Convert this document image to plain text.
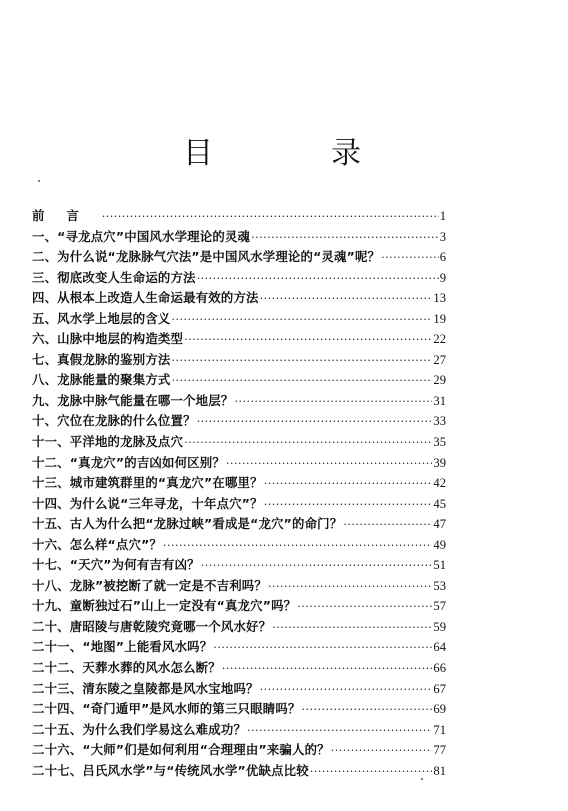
目　录
前言 ·····	1
一、“寻龙点穴”中国风水学理论的灵魂 ·····	3
二、为什么说“龙脉脉气穴法”是中国风水学理论的“灵魂”呢？ ·····	6
三、彻底改变人生命运的方法 ·····	9
四、从根本上改造人生命运最有效的方法 ·····	13
五、风水学上地层的含义 ·····	19
六、山脉中地层的构造类型 ·····	22
七、真假龙脉的鉴别方法 ·····	27
八、龙脉能量的聚集方式 ·····	29
九、龙脉中脉气能量在哪一个地层？ ·····	31
十、穴位在龙脉的什么位置？ ·····	33
十一、平洋地的龙脉及点穴 ·····	35
十二、“真龙穴”的吉凶如何区别？ ·····	39
十三、城市建筑群里的“真龙穴”在哪里？ ·····	42
十四、为什么说“三年寻龙，十年点穴”？ ·····	45
十五、古人为什么把“龙脉过峡”看成是“龙穴”的命门？ ·····	47
十六、怎么样“点穴”？ ·····	49
十七、“天穴”为何有吉有凶？ ·····	51
十八、龙脉”被挖断了就一定是不吉利吗？ ·····	53
十九、童断独过石”山上一定没有“真龙穴”吗？ ·····	57
二十、唐昭陵与唐乾陵究竟哪一个风水好？ ·····	59
二十一、“地图”上能看风水吗？ ·····	64
二十二、天葬水葬的风水怎么断？ ·····	66
二十三、清东陵之皇陵都是风水宝地吗？ ·····	67
二十四、“奇门遁甲”是风水师的第三只眼睛吗？ ·····	69
二十五、为什么我们学易这么难成功？ ·····	71
二十六、“大师”们是如何利用“合理理由”来骗人的？ ·····	77
二十七、吕氏风水学”与“传统风水学”优缺点比较 ·····	81
